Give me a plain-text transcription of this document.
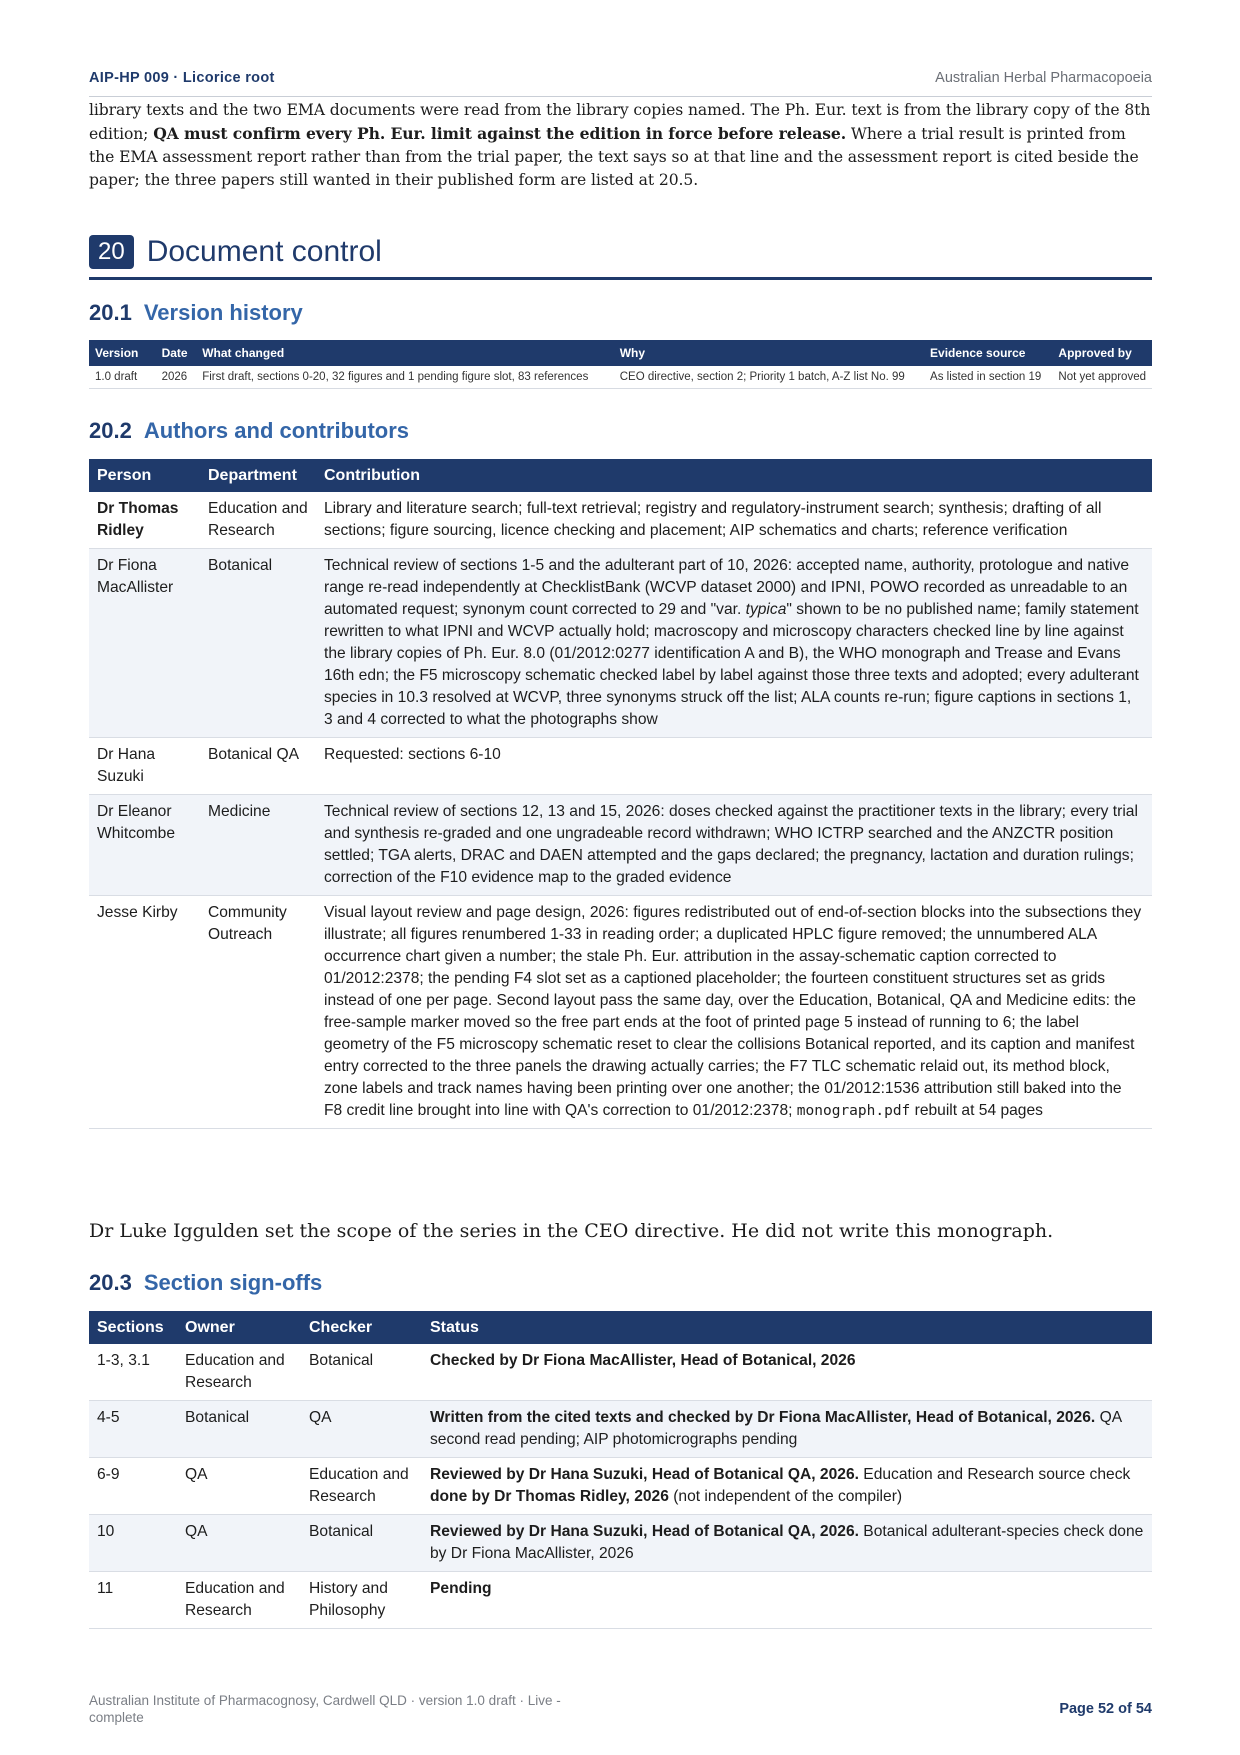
AIP-HP 009 · Licorice root	Australian Herbal Pharmacopoeia

library texts and the two EMA documents were read from the library copies named. The Ph. Eur. text is from the library copy of the 8th edition; QA must confirm every Ph. Eur. limit against the edition in force before release. Where a trial result is printed from the EMA assessment report rather than from the trial paper, the text says so at that line and the assessment report is cited beside the paper; the three papers still wanted in their published form are listed at 20.5.

20 Document control
20.1 Version history
Version	Date	What changed	Why	Evidence source	Approved by
1.0 draft	2026	First draft, sections 0-20, 32 figures and 1 pending figure slot, 83 references	CEO directive, section 2; Priority 1 batch, A-Z list No. 99	As listed in section 19	Not yet approved
20.2 Authors and contributors
Person	Department	Contribution
Dr Thomas Ridley	Education and Research	Library and literature search; full-text retrieval; registry and regulatory-instrument search; synthesis; drafting of all sections; figure sourcing, licence checking and placement; AIP schematics and charts; reference verification
Dr Fiona MacAllister	Botanical	Technical review of sections 1-5 and the adulterant part of 10, 2026: accepted name, authority, protologue and native range re-read independently at ChecklistBank (WCVP dataset 2000) and IPNI, POWO recorded as unreadable to an automated request; synonym count corrected to 29 and "var. typica" shown to be no published name; family statement rewritten to what IPNI and WCVP actually hold; macroscopy and microscopy characters checked line by line against the library copies of Ph. Eur. 8.0 (01/2012:0277 identification A and B), the WHO monograph and Trease and Evans 16th edn; the F5 microscopy schematic checked label by label against those three texts and adopted; every adulterant species in 10.3 resolved at WCVP, three synonyms struck off the list; ALA counts re-run; figure captions in sections 1, 3 and 4 corrected to what the photographs show
Dr Hana Suzuki	Botanical QA	Requested: sections 6-10
Dr Eleanor Whitcombe	Medicine	Technical review of sections 12, 13 and 15, 2026: doses checked against the practitioner texts in the library; every trial and synthesis re-graded and one ungradeable record withdrawn; WHO ICTRP searched and the ANZCTR position settled; TGA alerts, DRAC and DAEN attempted and the gaps declared; the pregnancy, lactation and duration rulings; correction of the F10 evidence map to the graded evidence
Jesse Kirby	Community Outreach	Visual layout review and page design, 2026: figures redistributed out of end-of-section blocks into the subsections they illustrate; all figures renumbered 1-33 in reading order; a duplicated HPLC figure removed; the unnumbered ALA occurrence chart given a number; the stale Ph. Eur. attribution in the assay-schematic caption corrected to 01/2012:2378; the pending F4 slot set as a captioned placeholder; the fourteen constituent structures set as grids instead of one per page. Second layout pass the same day, over the Education, Botanical, QA and Medicine edits: the free-sample marker moved so the free part ends at the foot of printed page 5 instead of running to 6; the label geometry of the F5 microscopy schematic reset to clear the collisions Botanical reported, and its caption and manifest entry corrected to the three panels the drawing actually carries; the F7 TLC schematic relaid out, its method block, zone labels and track names having been printing over one another; the 01/2012:1536 attribution still baked into the F8 credit line brought into line with QA's correction to 01/2012:2378; monograph.pdf rebuilt at 54 pages

Dr Luke Iggulden set the scope of the series in the CEO directive. He did not write this monograph.

20.3 Section sign-offs
Sections	Owner	Checker	Status
1-3, 3.1	Education and Research	Botanical	Checked by Dr Fiona MacAllister, Head of Botanical, 2026
4-5	Botanical	QA	Written from the cited texts and checked by Dr Fiona MacAllister, Head of Botanical, 2026. QA second read pending; AIP photomicrographs pending
6-9	QA	Education and Research	Reviewed by Dr Hana Suzuki, Head of Botanical QA, 2026. Education and Research source check done by Dr Thomas Ridley, 2026 (not independent of the compiler)
10	QA	Botanical	Reviewed by Dr Hana Suzuki, Head of Botanical QA, 2026. Botanical adulterant-species check done by Dr Fiona MacAllister, 2026
11	Education and Research	History and Philosophy	Pending
Australian Institute of Pharmacognosy, Cardwell QLD · version 1.0 draft · Live - complete
Page 52 of 54
